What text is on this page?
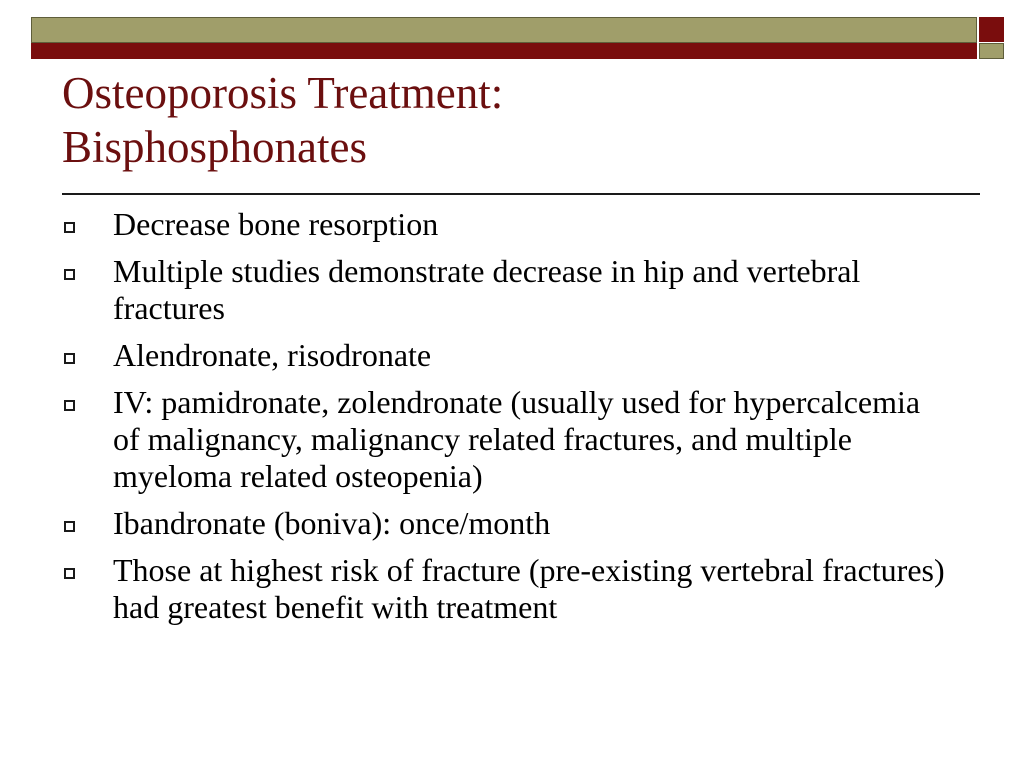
Osteoporosis Treatment:
Bisphosphonates
Decrease bone resorption
Multiple studies demonstrate decrease in hip and vertebral fractures
Alendronate, risodronate
IV: pamidronate, zolendronate (usually used for hypercalcemia of malignancy, malignancy related fractures, and multiple myeloma related osteopenia)
Ibandronate (boniva): once/month
Those at highest risk of fracture (pre-existing vertebral fractures) had greatest benefit with treatment
